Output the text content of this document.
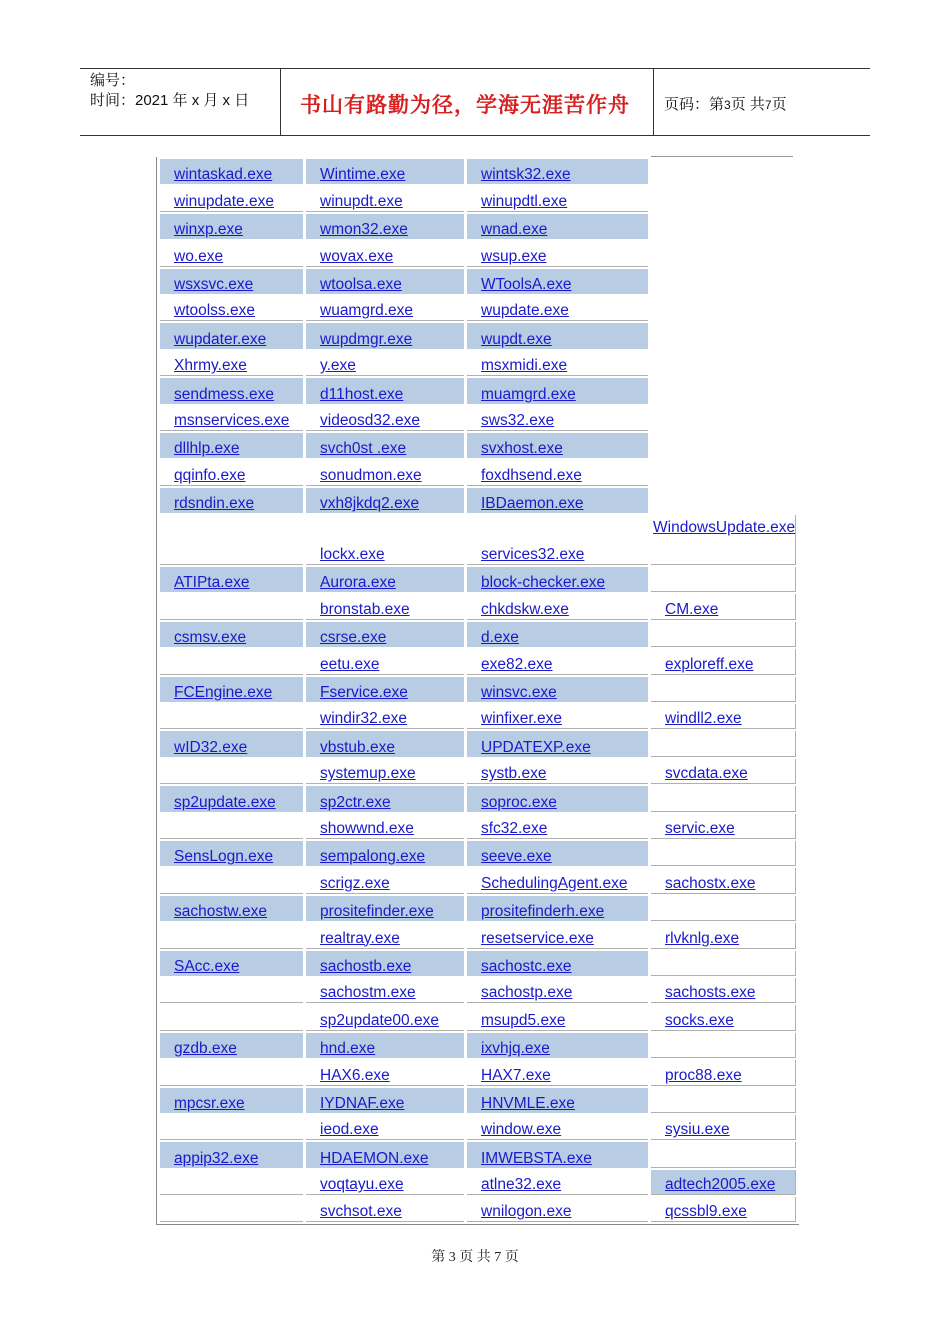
编号：
时间：2021 年 x 月 x 日 书山有路勤为径，学海无涯苦作舟 页码：第3页 共7页
wintaskad.exe	Wintime.exe	wintsk32.exe	
winupdate.exe	winupdt.exe	winupdtl.exe	
winxp.exe	wmon32.exe	wnad.exe	
wo.exe	wovax.exe	wsup.exe	
wsxsvc.exe	wtoolsa.exe	WToolsA.exe	
wtoolss.exe	wuamgrd.exe	wupdate.exe	
wupdater.exe	wupdmgr.exe	wupdt.exe	
Xhrmy.exe	y.exe	msxmidi.exe	
sendmess.exe	d11host.exe	muamgrd.exe	
msnservices.exe	videosd32.exe	sws32.exe	
dllhlp.exe	svch0st .exe	svxhost.exe	
qqinfo.exe	sonudmon.exe	foxdhsend.exe	
rdsndin.exe	vxh8jkdq2.exe	IBDaemon.exe	
	lockx.exe	services32.exe	WindowsUpdate.exe
ATIPta.exe	Aurora.exe	block-checker.exe	
	bronstab.exe	chkdskw.exe	CM.exe
csmsv.exe	csrse.exe	d.exe	
	eetu.exe	exe82.exe	exploreff.exe
FCEngine.exe	Fservice.exe	winsvc.exe	
	windir32.exe	winfixer.exe	windll2.exe
wID32.exe	vbstub.exe	UPDATEXP.exe	
	systemup.exe	systb.exe	svcdata.exe
sp2update.exe	sp2ctr.exe	soproc.exe	
	showwnd.exe	sfc32.exe	servic.exe
SensLogn.exe	sempalong.exe	seeve.exe	
	scrigz.exe	SchedulingAgent.exe	sachostx.exe
sachostw.exe	prositefinder.exe	prositefinderh.exe	
	realtray.exe	resetservice.exe	rlvknlg.exe
SAcc.exe	sachostb.exe	sachostc.exe	
	sachostm.exe	sachostp.exe	sachosts.exe
	sp2update00.exe	msupd5.exe	socks.exe
gzdb.exe	hnd.exe	ixvhjq.exe	
	HAX6.exe	HAX7.exe	proc88.exe
mpcsr.exe	IYDNAF.exe	HNVMLE.exe	
	ieod.exe	window.exe	sysiu.exe
appip32.exe	HDAEMON.exe	IMWEBSTA.exe	
	voqtayu.exe	atlne32.exe	adtech2005.exe
	svchsot.exe	wnilogon.exe	qcssbl9.exe
第 3 页 共 7 页
